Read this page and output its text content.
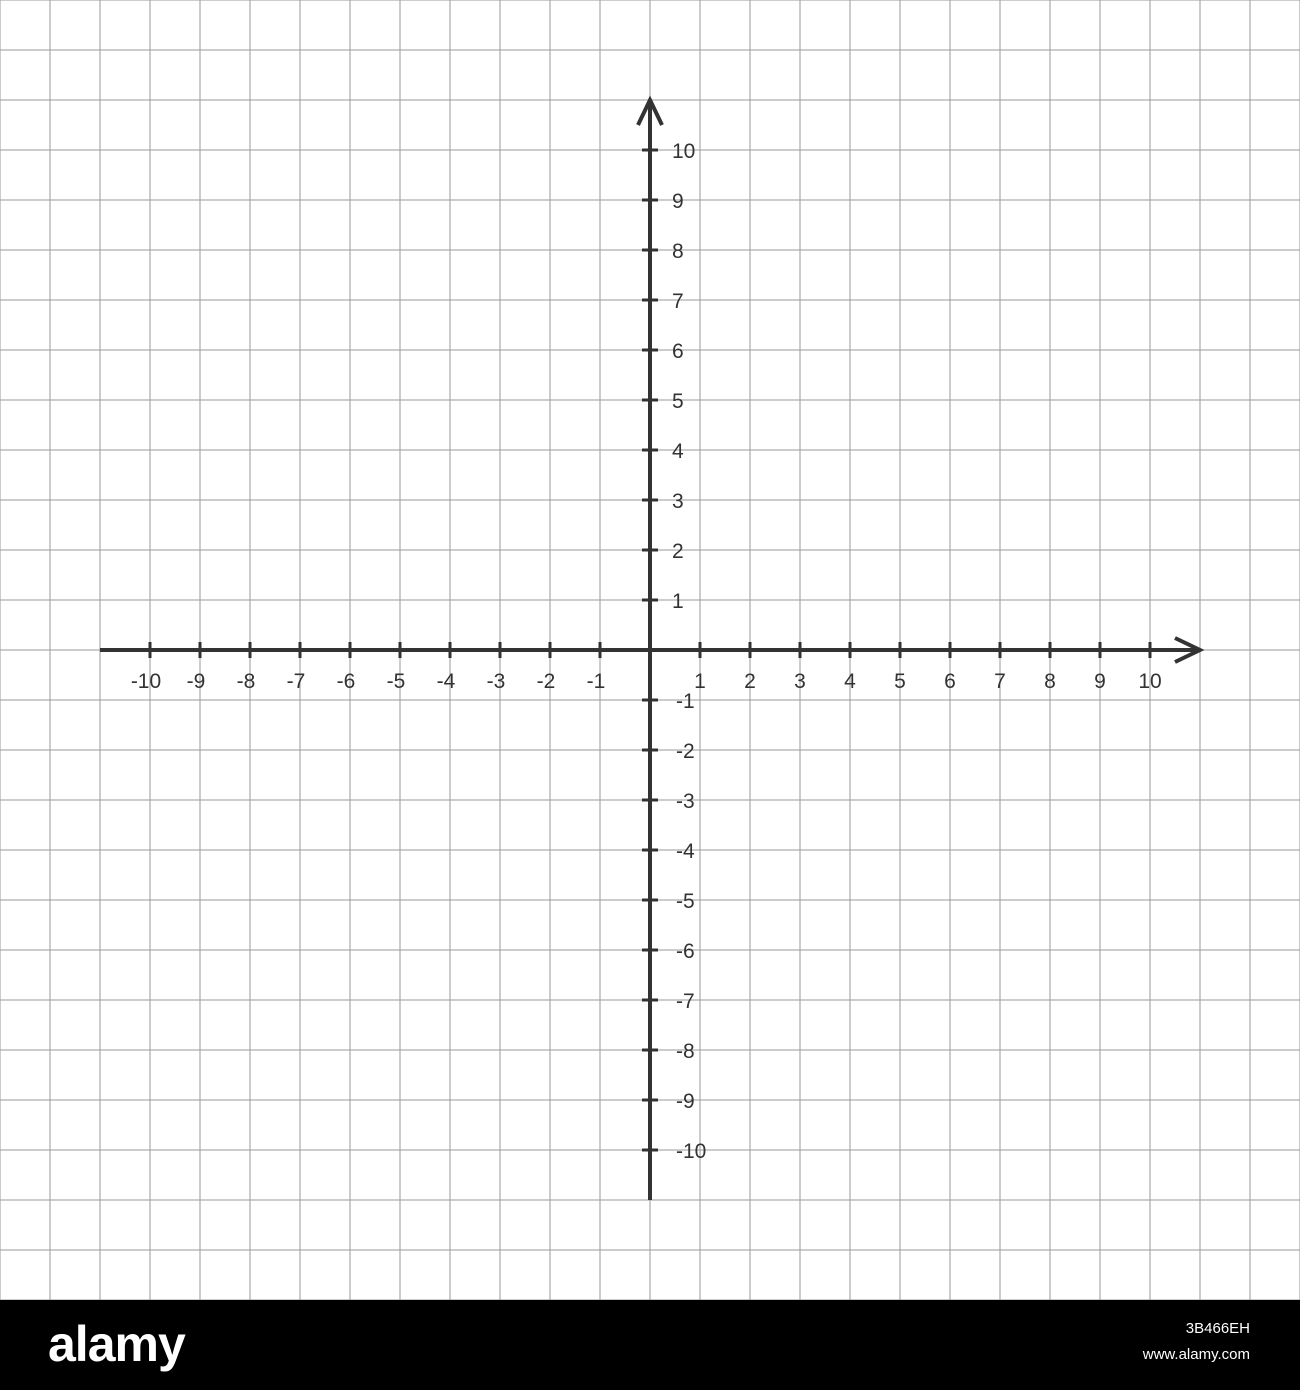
-10 -9 -8 -7 -6 -5 -4 -3 -2 -1	1 2 3 4 5 6 7 8 9 10
10
9
8
7
6
5
4
3
2
1
-1
-2
-3
-4
-5
-6
-7
-8
-9
-10
alamy	3B466EH
www.alamy.com
